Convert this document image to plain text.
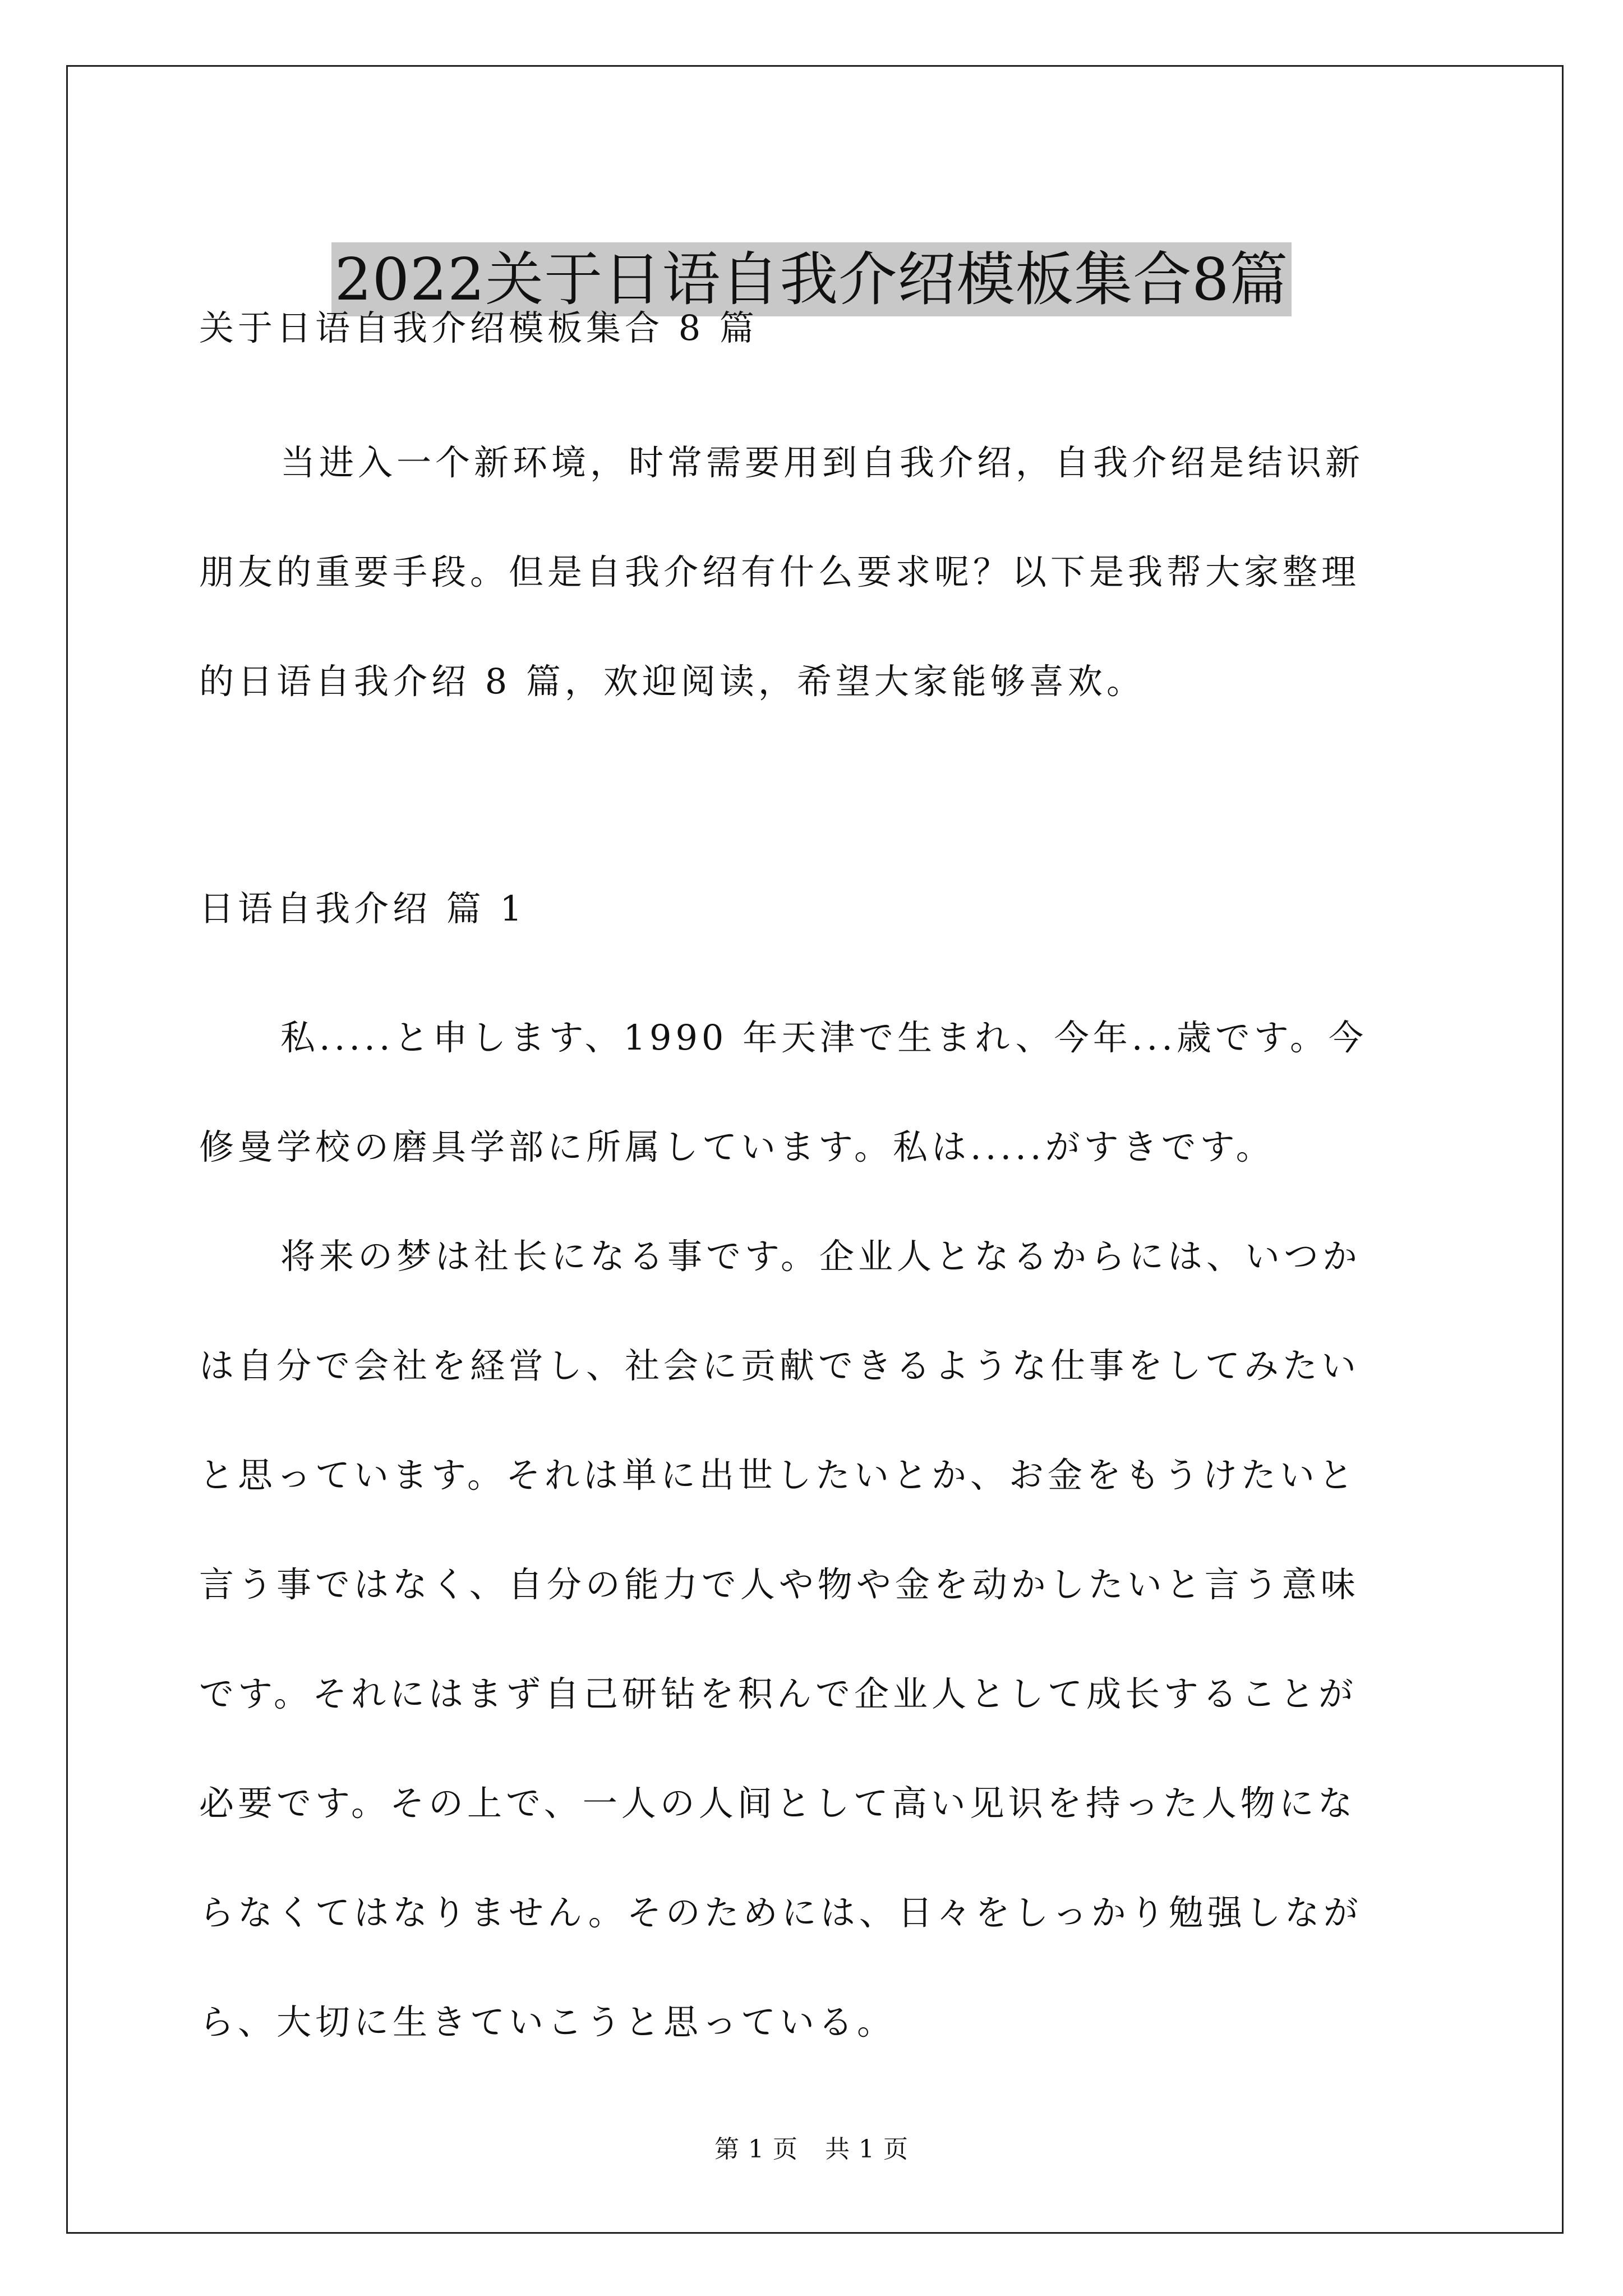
2022关于日语自我介绍模板集合8篇
关于日语自我介绍模板集合 8 篇
当进入一个新环境，时常需要用到自我介绍，自我介绍是结识新
朋友的重要手段。但是自我介绍有什么要求呢？以下是我帮大家整理
的日语自我介绍 8 篇，欢迎阅读，希望大家能够喜欢。
日语自我介绍 篇 1
私.....と申します、1990 年天津で生まれ、今年...歳です。今
修曼学校の磨具学部に所属しています。私は.....がすきです。
将来の梦は社长になる事です。企业人となるからには、いつか
は自分で会社を経営し、社会に贡献できるような仕事をしてみたい
と思っています。それは単に出世したいとか、お金をもうけたいと
言う事ではなく、自分の能力で人や物や金を动かしたいと言う意味
です。それにはまず自己研钻を积んで企业人として成长することが
必要です。その上で、一人の人间として高い见识を持った人物にな
らなくてはなりません。そのためには、日々をしっかり勉强しなが
ら、大切に生きていこうと思っている。
第 1 页 共 1 页
